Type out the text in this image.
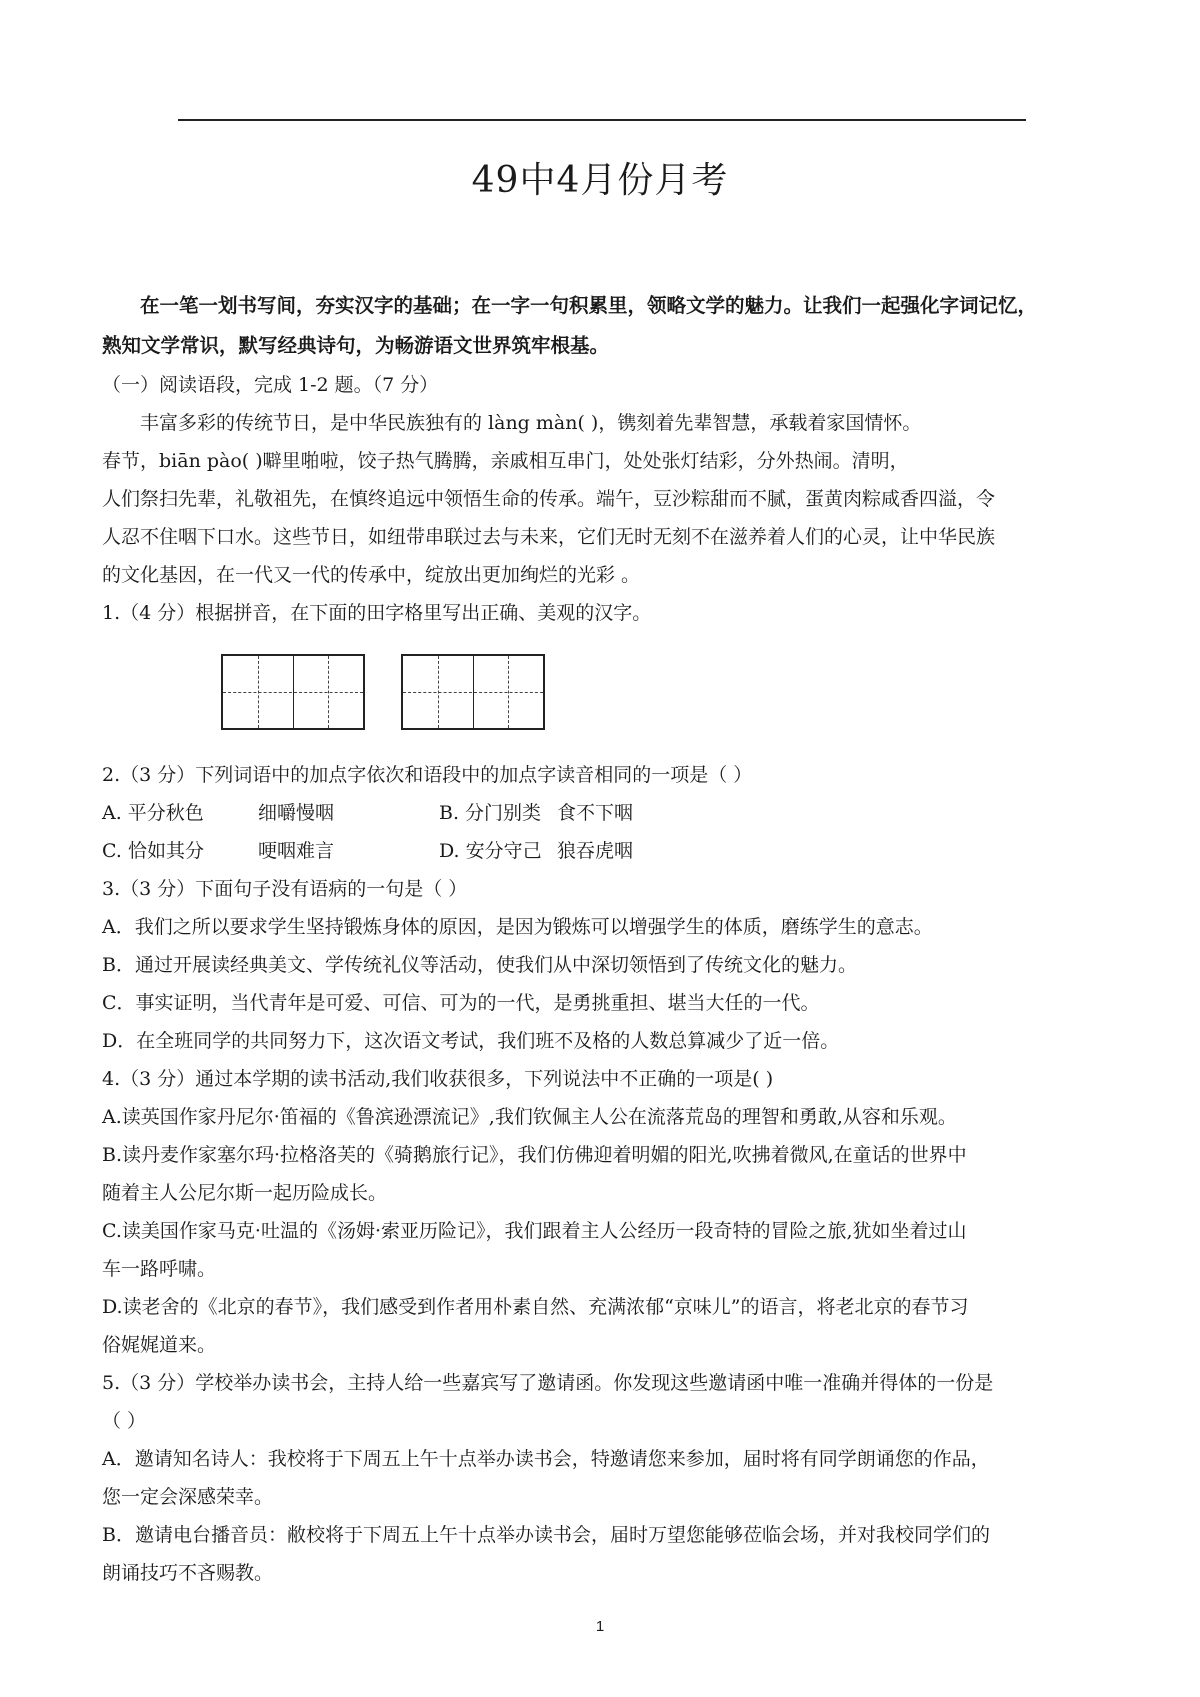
49中4月份月考

在一笔一划书写间，夯实汉字的基础；在一字一句积累里，领略文学的魅力。让我们一起强化字词记忆，

熟知文学常识，默写经典诗句，为畅游语文世界筑牢根基。

（一）阅读语段，完成 1-2 题。（7 分）

丰富多彩的传统节日，是中华民族独有的 làng màn( )，镌刻着先辈智慧，承载着家国情怀。

春节，biān pào( )噼里啪啦，饺子热气腾腾，亲戚相互串门，处处张灯结彩，分外热闹。清明，

人们祭扫先辈，礼敬祖先，在慎终追远中领悟生命的传承。端午，豆沙粽甜而不腻，蛋黄肉粽咸香四溢，令

人忍不住咽下口水。这些节日，如纽带串联过去与未来，它们无时无刻不在滋养着人们的心灵，让中华民族

的文化基因，在一代又一代的传承中，绽放出更加绚烂的光彩 。

1.（4 分）根据拼音，在下面的田字格里写出正确、美观的汉字。

2.（3 分）下列词语中的加点字依次和语段中的加点字读音相同的一项是（ ）

A. 平分秋色	细嚼慢咽	B. 分门别类 食不下咽

C. 恰如其分	哽咽难言	D. 安分守己 狼吞虎咽

3.（3 分）下面句子没有语病的一句是（ ）

A．我们之所以要求学生坚持锻炼身体的原因，是因为锻炼可以增强学生的体质，磨练学生的意志。

B．通过开展读经典美文、学传统礼仪等活动，使我们从中深切领悟到了传统文化的魅力。

C．事实证明，当代青年是可爱、可信、可为的一代，是勇挑重担、堪当大任的一代。

D．在全班同学的共同努力下，这次语文考试，我们班不及格的人数总算减少了近一倍。

4.（3 分）通过本学期的读书活动,我们收获很多，下列说法中不正确的一项是( )

A.读英国作家丹尼尔·笛福的《鲁滨逊漂流记》,我们钦佩主人公在流落荒岛的理智和勇敢,从容和乐观。

B.读丹麦作家塞尔玛·拉格洛芙的《骑鹅旅行记》，我们仿佛迎着明媚的阳光,吹拂着微风,在童话的世界中

随着主人公尼尔斯一起历险成长。

C.读美国作家马克·吐温的《汤姆·索亚历险记》，我们跟着主人公经历一段奇特的冒险之旅,犹如坐着过山

车一路呼啸。

D.读老舍的《北京的春节》，我们感受到作者用朴素自然、充满浓郁“京味儿”的语言，将老北京的春节习

俗娓娓道来。

5.（3 分）学校举办读书会，主持人给一些嘉宾写了邀请函。你发现这些邀请函中唯一准确并得体的一份是

（ ）

A．邀请知名诗人：我校将于下周五上午十点举办读书会，特邀请您来参加，届时将有同学朗诵您的作品，

您一定会深感荣幸。

B．邀请电台播音员：敝校将于下周五上午十点举办读书会，届时万望您能够莅临会场，并对我校同学们的

朗诵技巧不吝赐教。

1
